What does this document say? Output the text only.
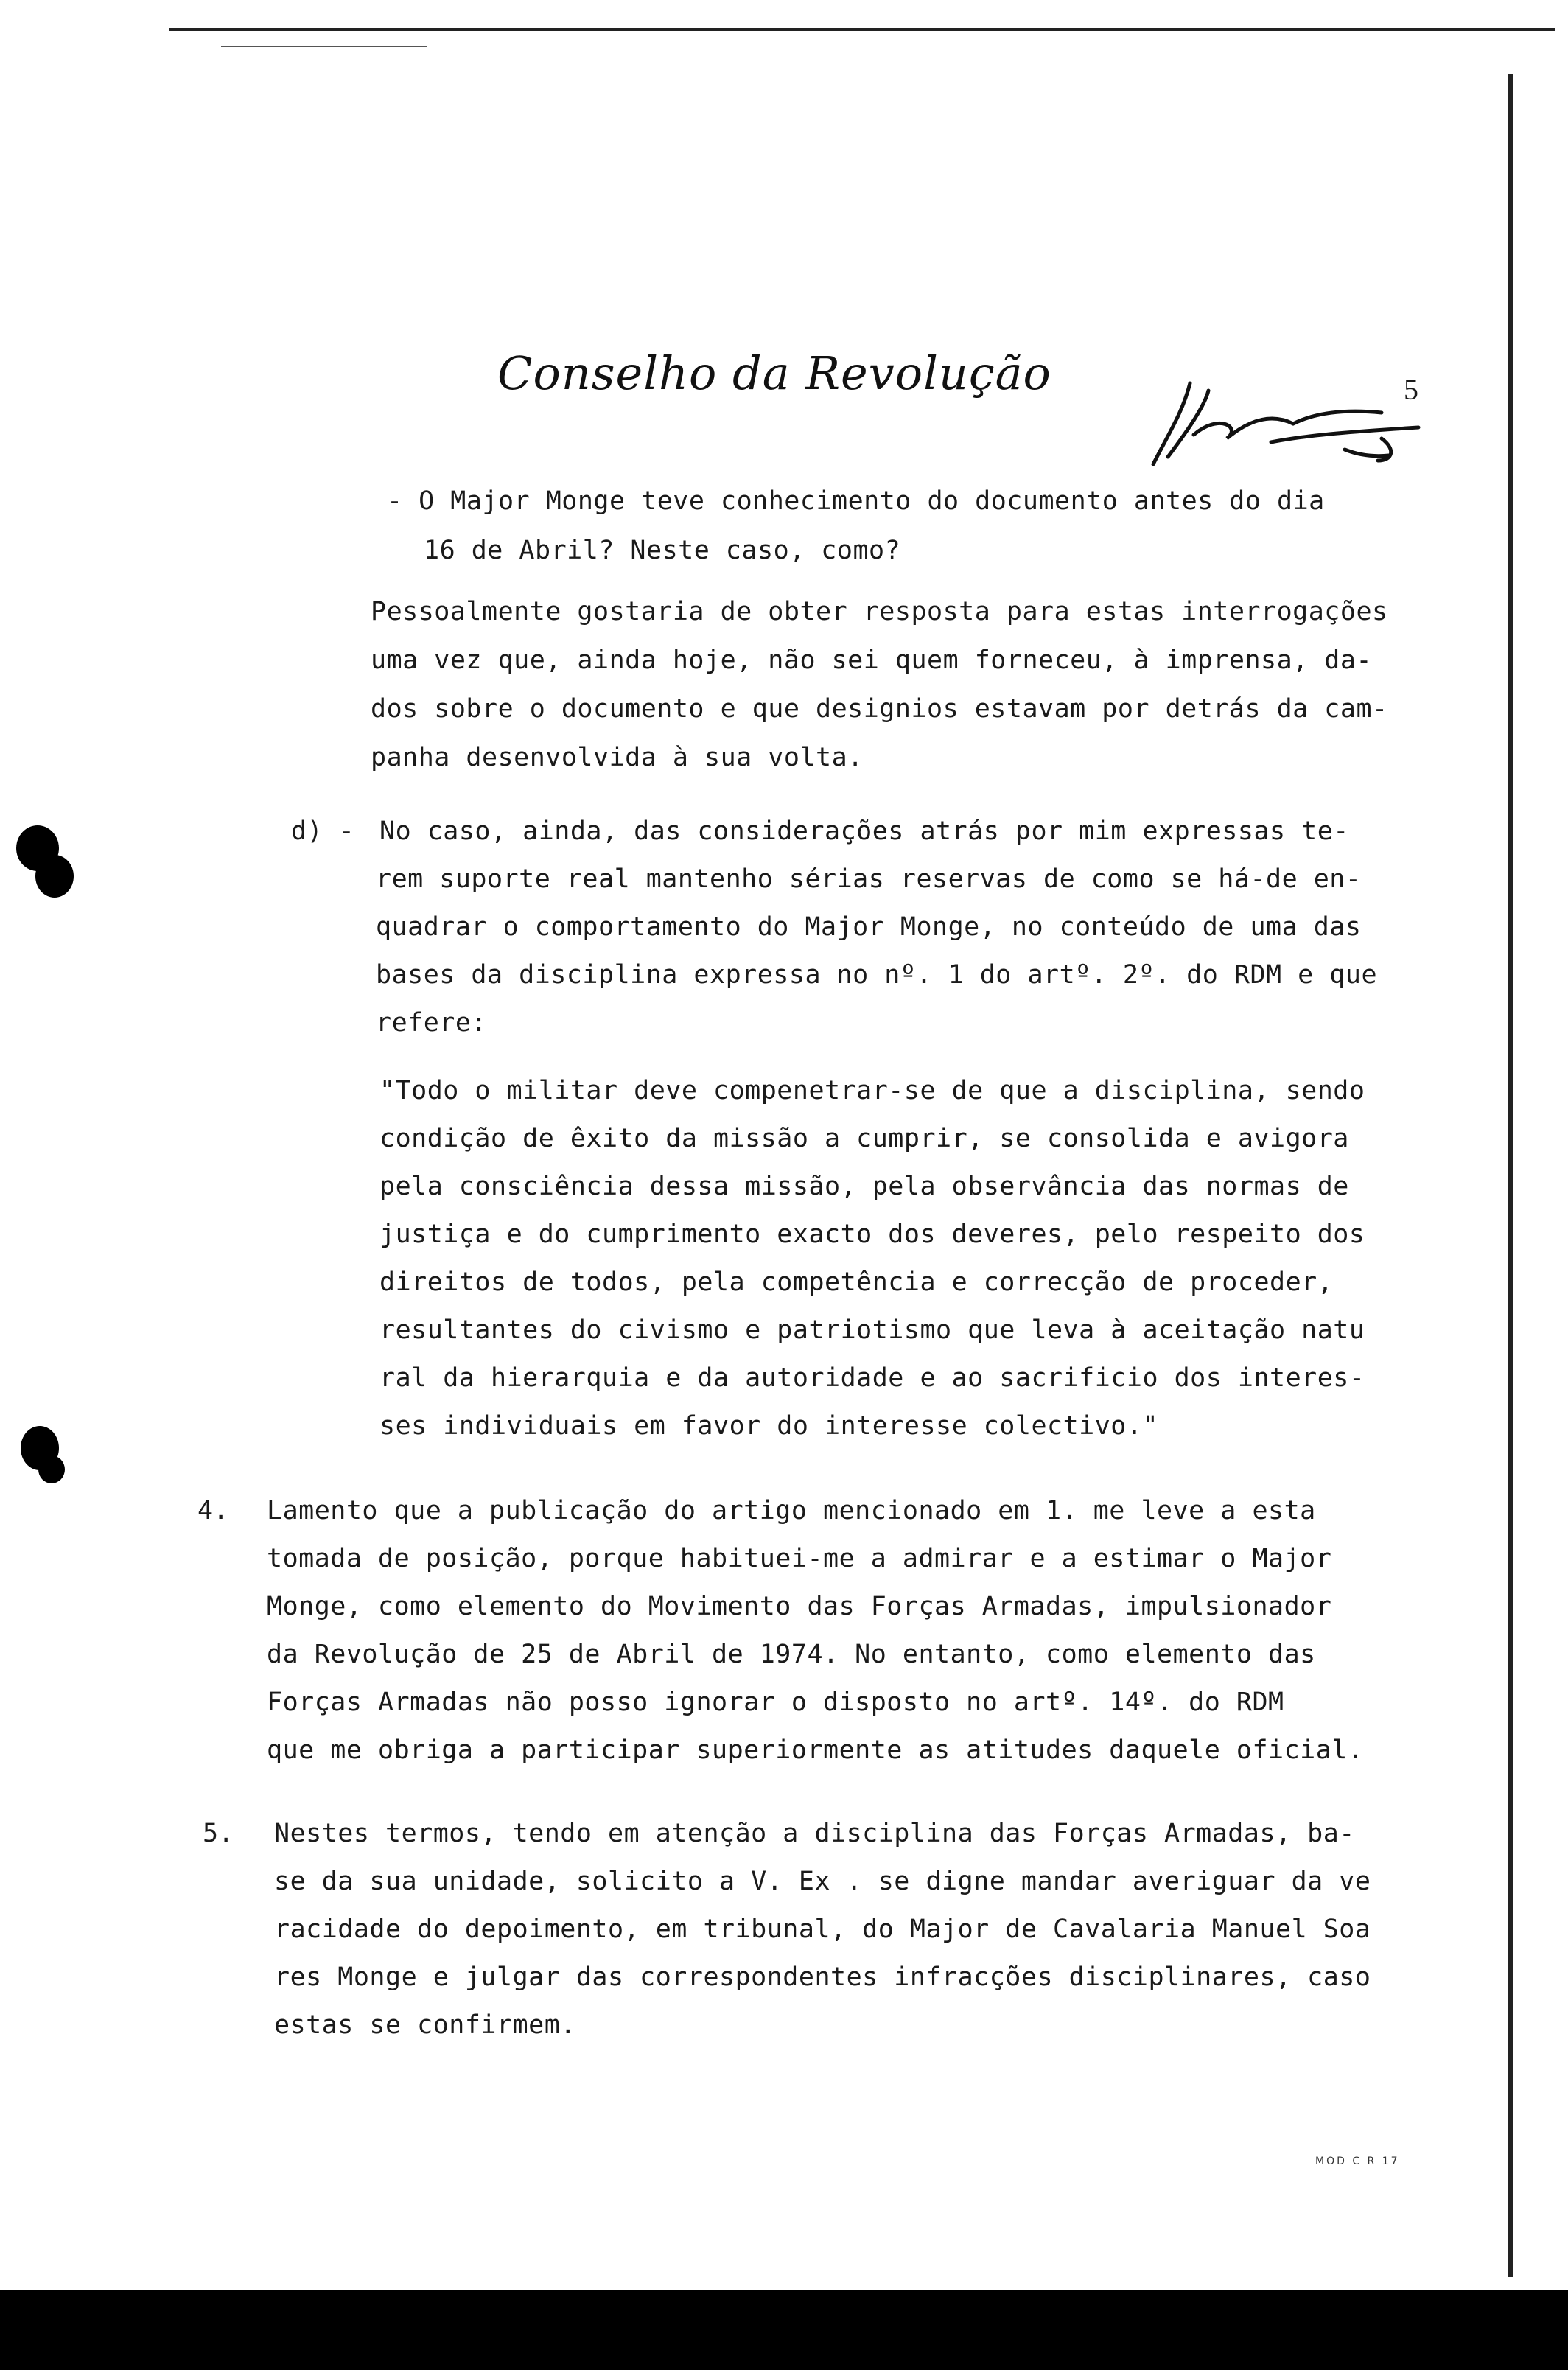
Conselho da Revolução	5
- O Major Monge teve conhecimento do documento antes do dia
16 de Abril? Neste caso, como?
Pessoalmente gostaria de obter resposta para estas interrogações
uma vez que, ainda hoje, não sei quem forneceu, à imprensa, da-
dos sobre o documento e que designios estavam por detrás da cam-
panha desenvolvida à sua volta.
d) - No caso, ainda, das considerações atrás por mim expressas te-
rem suporte real mantenho sérias reservas de como se há-de en-
quadrar o comportamento do Major Monge, no conteúdo de uma das
bases da disciplina expressa no nº. 1 do artº. 2º. do RDM e que
refere:
"Todo o militar deve compenetrar-se de que a disciplina, sendo
condição de êxito da missão a cumprir, se consolida e avigora
pela consciência dessa missão, pela observância das normas de
justiça e do cumprimento exacto dos deveres, pelo respeito dos
direitos de todos, pela competência e correcção de proceder,
resultantes do civismo e patriotismo que leva à aceitação natu
ral da hierarquia e da autoridade e ao sacrificio dos interes-
ses individuais em favor do interesse colectivo."
4. Lamento que a publicação do artigo mencionado em 1. me leve a esta
tomada de posição, porque habituei-me a admirar e a estimar o Major
Monge, como elemento do Movimento das Forças Armadas, impulsionador
da Revolução de 25 de Abril de 1974. No entanto, como elemento das
Forças Armadas não posso ignorar o disposto no artº. 14º. do RDM
que me obriga a participar superiormente as atitudes daquele oficial.
5. Nestes termos, tendo em atenção a disciplina das Forças Armadas, ba-
se da sua unidade, solicito a V. Ex . se digne mandar averiguar da ve
racidade do depoimento, em tribunal, do Major de Cavalaria Manuel Soa
res Monge e julgar das correspondentes infracções disciplinares, caso
estas se confirmem.
MOD C R 17
